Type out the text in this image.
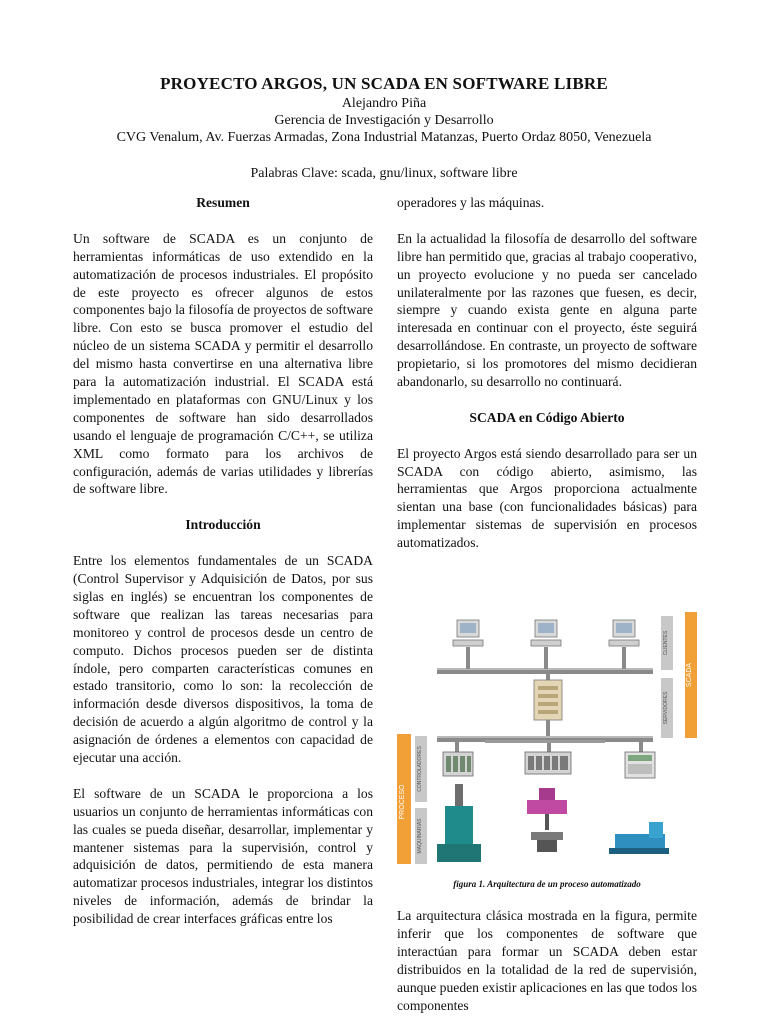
PROYECTO ARGOS, UN SCADA EN SOFTWARE LIBRE
Alejandro Piña
Gerencia de Investigación y Desarrollo
CVG Venalum, Av. Fuerzas Armadas, Zona Industrial Matanzas, Puerto Ordaz 8050, Venezuela
Palabras Clave: scada, gnu/linux, software libre
Resumen

Un software de SCADA es un conjunto de herramientas informáticas de uso extendido en la automatización de procesos industriales. El propósito de este proyecto es ofrecer algunos de estos componentes bajo la filosofía de proyectos de software libre. Con esto se busca promover el estudio del núcleo de un sistema SCADA y permitir el desarrollo del mismo hasta convertirse en una alternativa libre para la automatización industrial. El SCADA está implementado en plataformas con GNU/Linux y los componentes de software han sido desarrollados usando el lenguaje de programación C/C++, se utiliza XML como formato para los archivos de configuración, además de varias utilidades y librerías de software libre.

Introducción

Entre los elementos fundamentales de un SCADA (Control Supervisor y Adquisición de Datos, por sus siglas en inglés) se encuentran los componentes de software que realizan las tareas necesarias para monitoreo y control de procesos desde un centro de computo. Dichos procesos pueden ser de distinta índole, pero comparten características comunes en estado transitorio, como lo son: la recolección de información desde diversos dispositivos, la toma de decisión de acuerdo a algún algoritmo de control y la asignación de órdenes a elementos con capacidad de ejecutar una acción.

El software de un SCADA le proporciona a los usuarios un conjunto de herramientas informáticas con las cuales se pueda diseñar, desarrollar, implementar y mantener sistemas para la supervisión, control y adquisición de datos, permitiendo de esta manera automatizar procesos industriales, integrar los distintos niveles de información, además de brindar la posibilidad de crear interfaces gráficas entre los

operadores y las máquinas.

En la actualidad la filosofía de desarrollo del software libre han permitido que, gracias al trabajo cooperativo, un proyecto evolucione y no pueda ser cancelado unilateralmente por las razones que fuesen, es decir, siempre y cuando exista gente en alguna parte interesada en continuar con el proyecto, éste seguirá desarrollándose. En contraste, un proyecto de software propietario, si los promotores del mismo decidieran abandonarlo, su desarrollo no continuará.

SCADA en Código Abierto

El proyecto Argos está siendo desarrollado para ser un SCADA con código abierto, asimismo, las herramientas que Argos proporciona actualmente sientan una base (con funcionalidades básicas) para implementar sistemas de supervisión en procesos automatizados.

SCADA
CLIENTES
SERVIDORES
PROCESO
CONTROLADORES
MAQUINARIAS
figura 1. Arquitectura de un proceso automatizado

La arquitectura clásica mostrada en la figura, permite inferir que los componentes de software que interactúan para formar un SCADA deben estar distribuidos en la totalidad de la red de supervisión, aunque pueden existir aplicaciones en las que todos los componentes
